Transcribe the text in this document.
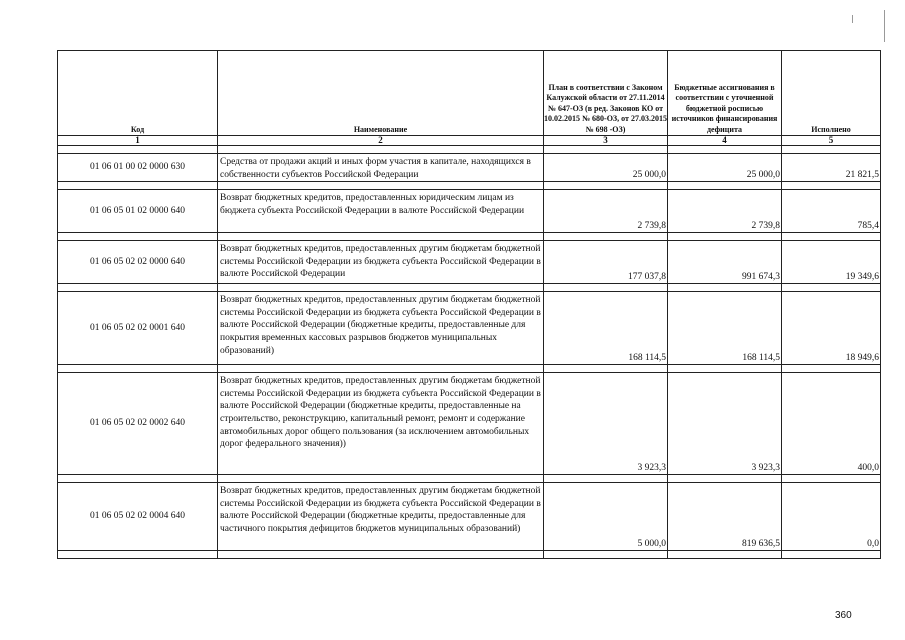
Код	Наименование	План в соответствии с Законом Калужской области от 27.11.2014 № 647-ОЗ (в ред. Законов КО от 10.02.2015 № 680-ОЗ, от 27.03.2015 № 698 -ОЗ)	Бюджетные ассигнования в соответствии с уточненной бюджетной росписью источников финансирования дефицита	Исполнено
1	2	3	4	5

01 06 01 00 02 0000 630	Средства от продажи акций и иных форм участия в капитале, находящихся в собственности субъектов Российской Федерации	25 000,0	25 000,0	21 821,5

01 06 05 01 02 0000 640	Возврат бюджетных кредитов, предоставленных юридическим лицам из бюджета субъекта Российской Федерации в валюте Российской Федерации	2 739,8	2 739,8	785,4

01 06 05 02 02 0000 640	Возврат бюджетных кредитов, предоставленных другим бюджетам бюджетной системы Российской Федерации из бюджета субъекта Российской Федерации в валюте Российской Федерации	177 037,8	991 674,3	19 349,6

01 06 05 02 02 0001 640	Возврат бюджетных кредитов, предоставленных другим бюджетам бюджетной системы Российской Федерации из бюджета субъекта Российской Федерации в валюте Российской Федерации (бюджетные кредиты, предоставленные для покрытия временных кассовых разрывов бюджетов муниципальных образований)	168 114,5	168 114,5	18 949,6

01 06 05 02 02 0002 640	Возврат бюджетных кредитов, предоставленных другим бюджетам бюджетной системы Российской Федерации из бюджета субъекта Российской Федерации в валюте Российской Федерации (бюджетные кредиты, предоставленные на строительство, реконструкцию, капитальный ремонт, ремонт и содержание автомобильных дорог общего пользования (за исключением автомобильных дорог федерального значения))	3 923,3	3 923,3	400,0

01 06 05 02 02 0004 640	Возврат бюджетных кредитов, предоставленных другим бюджетам бюджетной системы Российской Федерации из бюджета субъекта Российской Федерации в валюте Российской Федерации (бюджетные кредиты, предоставленные для частичного покрытия дефицитов бюджетов муниципальных образований)	5 000,0	819 636,5	0,0

360
